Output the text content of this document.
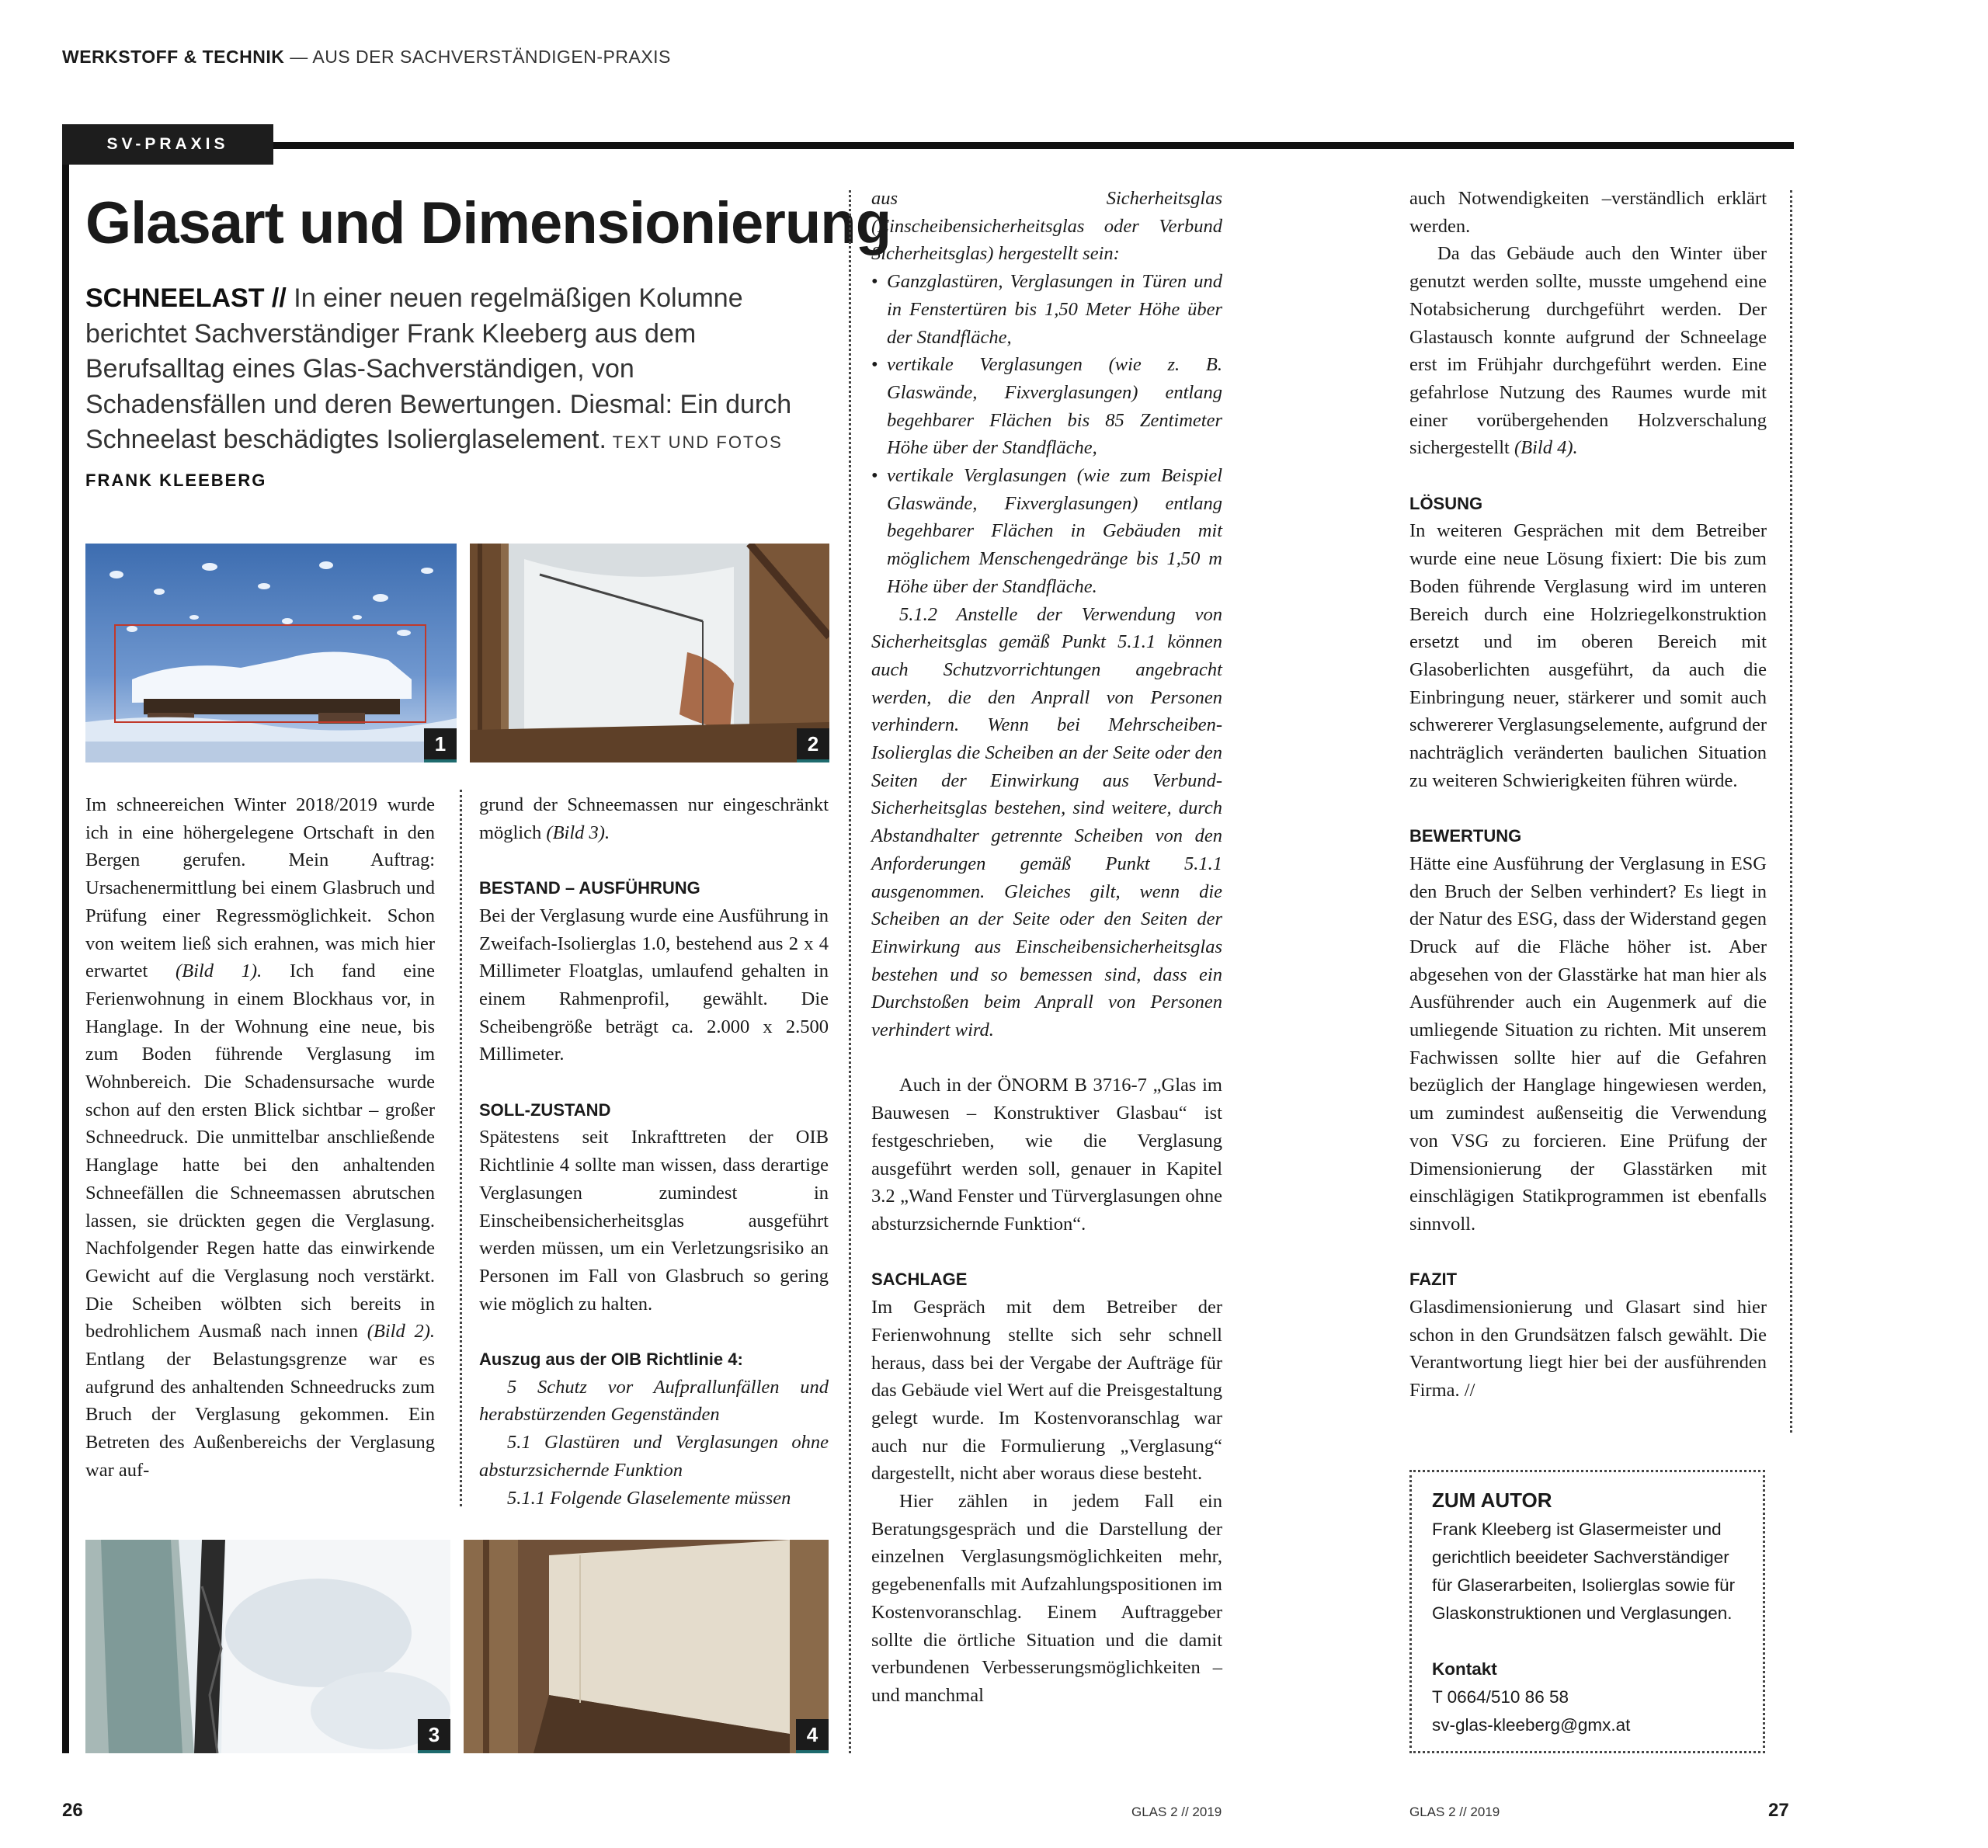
WERKSTOFF & TECHNIK — AUS DER SACHVERSTÄNDIGEN-PRAXIS
SV-PRAXIS
Glasart und Dimensionierung
SCHNEELAST // In einer neuen regelmäßigen Kolumne berichtet Sachverständiger Frank Kleeberg aus dem Berufsalltag eines Glas-Sachverständigen, von Schadensfällen und deren Bewertungen. Diesmal: Ein durch Schneelast beschädigtes Isolierglaselement. TEXT UND FOTOS FRANK KLEEBERG
1	2
3	4

Im schneereichen Winter 2018/2019 wurde ich in eine höhergelegene Ortschaft in den Bergen gerufen. Mein Auftrag: Ursachenermittlung bei einem Glasbruch und Prüfung einer Regressmöglichkeit. Schon von weitem ließ sich erahnen, was mich hier erwartet (Bild 1). Ich fand eine Ferienwohnung in einem Blockhaus vor, in Hanglage. In der Wohnung eine neue, bis zum Boden führende Verglasung im Wohnbereich. Die Schadensursache wurde schon auf den ersten Blick sichtbar – großer Schneedruck. Die unmittelbar anschließende Hanglage hatte bei den anhaltenden Schneefällen die Schneemassen abrutschen lassen, sie drückten gegen die Verglasung. Nachfolgender Regen hatte das einwirkende Gewicht auf die Verglasung noch verstärkt. Die Scheiben wölbten sich bereits in bedrohlichem Ausmaß nach innen (Bild 2). Entlang der Belastungsgrenze war es aufgrund des anhaltenden Schneedrucks zum Bruch der Verglasung gekommen. Ein Betreten des Außenbereichs der Verglasung war auf-

grund der Schneemassen nur eingeschränkt möglich (Bild 3).

BESTAND – AUSFÜHRUNG

Bei der Verglasung wurde eine Ausführung in Zweifach-Isolierglas 1.0, bestehend aus 2 x 4 Millimeter Floatglas, umlaufend gehalten in einem Rahmenprofil, gewählt. Die Scheibengröße beträgt ca. 2.000 x 2.500 Millimeter.

SOLL-ZUSTAND

Spätestens seit Inkrafttreten der OIB Richtlinie 4 sollte man wissen, dass derartige Verglasungen zumindest in Einscheibensicherheitsglas ausgeführt werden müssen, um ein Verletzungsrisiko an Personen im Fall von Glasbruch so gering wie möglich zu halten.

Auszug aus der OIB Richtlinie 4:

5 Schutz vor Aufprallunfällen und herabstürzenden Gegenständen

5.1 Glastüren und Verglasungen ohne absturzsichernde Funktion

5.1.1 Folgende Glaselemente müssen

aus Sicherheitsglas (Einscheibensicherheitsglas oder Verbund Sicherheitsglas) hergestellt sein:

• Ganzglastüren, Verglasungen in Türen und in Fenstertüren bis 1,50 Meter Höhe über der Standfläche,
• vertikale Verglasungen (wie z. B. Glaswände, Fixverglasungen) entlang begehbarer Flächen bis 85 Zentimeter Höhe über der Standfläche,
• vertikale Verglasungen (wie zum Beispiel Glaswände, Fixverglasungen) entlang begehbarer Flächen in Gebäuden mit möglichem Menschengedränge bis 1,50 m Höhe über der Standfläche.

5.1.2 Anstelle der Verwendung von Sicherheitsglas gemäß Punkt 5.1.1 können auch Schutzvorrichtungen angebracht werden, die den Anprall von Personen verhindern. Wenn bei Mehrscheiben-Isolierglas die Scheiben an der Seite oder den Seiten der Einwirkung aus Verbund-Sicherheitsglas bestehen, sind weitere, durch Abstandhalter getrennte Scheiben von den Anforderungen gemäß Punkt 5.1.1 ausgenommen. Gleiches gilt, wenn die Scheiben an der Seite oder den Seiten der Einwirkung aus Einscheibensicherheitsglas bestehen und so bemessen sind, dass ein Durchstoßen beim Anprall von Personen verhindert wird.

Auch in der ÖNORM B 3716-7 „Glas im Bauwesen – Konstruktiver Glasbau“ ist festgeschrieben, wie die Verglasung ausgeführt werden soll, genauer in Kapitel 3.2 „Wand Fenster und Türverglasungen ohne absturzsichernde Funktion“.

SACHLAGE

Im Gespräch mit dem Betreiber der Ferienwohnung stellte sich sehr schnell heraus, dass bei der Vergabe der Aufträge für das Gebäude viel Wert auf die Preisgestaltung gelegt wurde. Im Kostenvoranschlag war auch nur die Formulierung „Verglasung“ dargestellt, nicht aber woraus diese besteht.

Hier zählen in jedem Fall ein Beratungsgespräch und die Darstellung der einzelnen Verglasungsmöglichkeiten mehr, gegebenenfalls mit Aufzahlungspositionen im Kostenvoranschlag. Einem Auftraggeber sollte die örtliche Situation und die damit verbundenen Verbesserungsmöglichkeiten – und manchmal

auch Notwendigkeiten –verständlich erklärt werden.

Da das Gebäude auch den Winter über genutzt werden sollte, musste umgehend eine Notabsicherung durchgeführt werden. Der Glastausch konnte aufgrund der Schneelage erst im Frühjahr durchgeführt werden. Eine gefahrlose Nutzung des Raumes wurde mit einer vorübergehenden Holzverschalung sichergestellt (Bild 4).

LÖSUNG

In weiteren Gesprächen mit dem Betreiber wurde eine neue Lösung fixiert: Die bis zum Boden führende Verglasung wird im unteren Bereich durch eine Holzriegelkonstruktion ersetzt und im oberen Bereich mit Glasoberlichten ausgeführt, da auch die Einbringung neuer, stärkerer und somit auch schwererer Verglasungselemente, aufgrund der nachträglich veränderten baulichen Situation zu weiteren Schwierigkeiten führen würde.

BEWERTUNG

Hätte eine Ausführung der Verglasung in ESG den Bruch der Selben verhindert? Es liegt in der Natur des ESG, dass der Widerstand gegen Druck auf die Fläche höher ist. Aber abgesehen von der Glasstärke hat man hier als Ausführender auch ein Augenmerk auf die umliegende Situation zu richten. Mit unserem Fachwissen sollte hier auf die Gefahren bezüglich der Hanglage hingewiesen werden, um zumindest außenseitig die Verwendung von VSG zu forcieren. Eine Prüfung der Dimensionierung der Glasstärken mit einschlägigen Statikprogrammen ist ebenfalls sinnvoll.

FAZIT

Glasdimensionierung und Glasart sind hier schon in den Grundsätzen falsch gewählt. Die Verantwortung liegt hier bei der ausführenden Firma. //

ZUM AUTOR
Frank Kleeberg ist Glasermeister und gerichtlich beeideter Sachverständiger für Glaserarbeiten, Isolierglas sowie für Glaskonstruktionen und Verglasungen.
Kontakt
T 0664/510 86 58
sv-glas-kleeberg@gmx.at
26	GLAS 2 // 2019	GLAS 2 // 2019	27
